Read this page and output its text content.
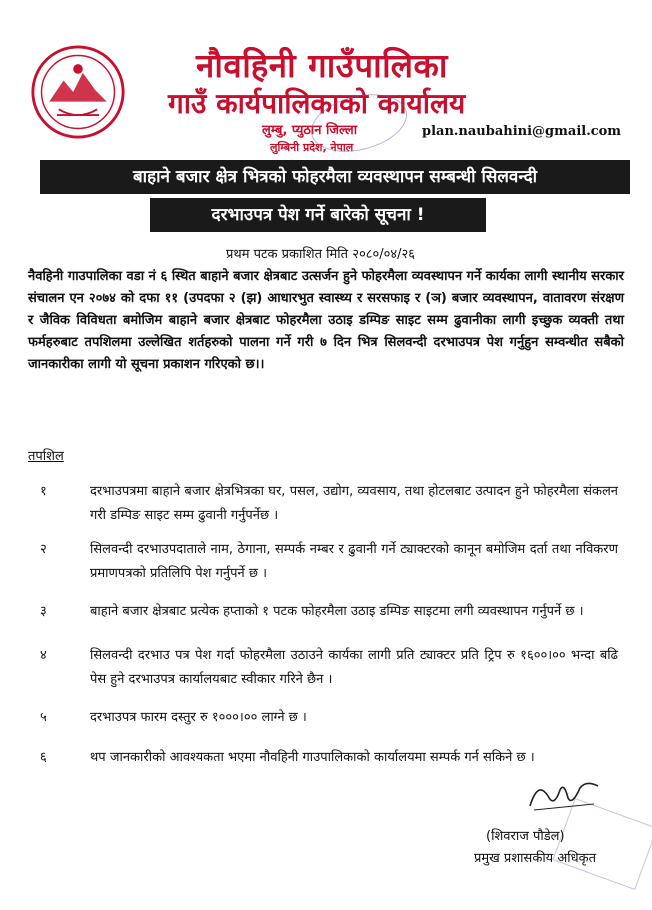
नौवहिनी गाउँपालिका
गाउँ कार्यपालिकाको कार्यालय
लुम्बु, प्युठान जिल्ला
लुम्बिनी प्रदेश, नेपाल
plan.naubahini@gmail.com
बाहाने बजार क्षेत्र भित्रको फोहरमैला व्यवस्थापन सम्बन्धी सिलवन्दी
दरभाउपत्र पेश गर्ने बारेको सूचना !
प्रथम पटक प्रकाशित मिति २०८०/०४/२६
नैवहिनी गाउपालिका वडा नं ६ स्थित बाहाने बजार क्षेत्रबाट उत्सर्जन हुने फोहरमैला व्यवस्थापन गर्ने कार्यका लागी स्थानीय सरकार संचालन एन २०७४ को दफा ११ (उपदफा २ (झ) आधारभुत स्वास्थ्य र सरसफाइ र (ञ) बजार व्यवस्थापन, वातावरण संरक्षण र जैविक विविधता बमोजिम बाहाने बजार क्षेत्रबाट फोहरमैला उठाइ डम्पिङ साइट सम्म ढुवानीका लागी इच्छुक व्यक्ती तथा फर्महरुबाट तपशिलमा उल्लेखित शर्तहरुको पालना गर्ने गरी ७ दिन भित्र सिलवन्दी दरभाउपत्र पेश गर्नुहुन सम्वन्धीत सबैको जानकारीका लागी यो सूचना प्रकाशन गरिएको छ।।
तपशिल
१	दरभाउपत्रमा बाहाने बजार क्षेत्रभित्रका घर, पसल, उद्योग, व्यवसाय, तथा होटलबाट उत्पादन हुने फोहरमैला संकलन गरी डम्पिङ साइट सम्म ढुवानी गर्नुपर्नेछ ।
२	सिलवन्दी दरभाउपदाताले नाम, ठेगाना, सम्पर्क नम्बर र ढुवानी गर्ने ट्याक्टरको कानून बमोजिम दर्ता तथा नविकरण प्रमाणपत्रको प्रतिलिपि पेश गर्नुपर्ने छ ।
३	बाहाने बजार क्षेत्रबाट प्रत्येक हप्ताको १ पटक फोहरमैला उठाइ डम्पिङ साइटमा लगी व्यवस्थापन गर्नुपर्ने छ ।
४	सिलवन्दी दरभाउ पत्र पेश गर्दा फोहरमैला उठाउने कार्यका लागी प्रति ट्याक्टर प्रति ट्रिप रु १६००।०० भन्दा बढि पेस हुने दरभाउपत्र कार्यालयबाट स्वीकार गरिने छैन ।
५	दरभाउपत्र फारम दस्तुर रु १०००।०० लाग्ने छ ।
६	थप जानकारीको आवश्यकता भएमा नौवहिनी गाउपालिकाको कार्यालयमा सम्पर्क गर्न सकिने छ ।
(शिवराज पौडेल)
प्रमुख प्रशासकीय अधिकृत
